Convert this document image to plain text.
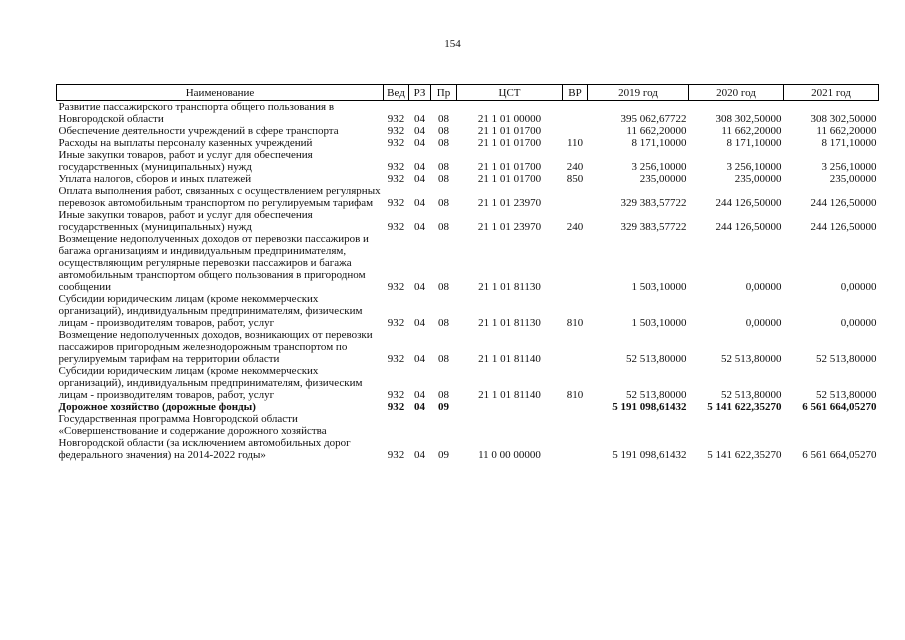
154
Наименование	Вед	РЗ	Пр	ЦСТ	ВР	2019 год	2020 год	2021 год
Развитие пассажирского транспорта общего пользования в Новгородской области	932	04	08	21 1 01 00000		395 062,67722	308 302,50000	308 302,50000
Обеспечение деятельности учреждений в сфере транспорта	932	04	08	21 1 01 01700		11 662,20000	11 662,20000	11 662,20000
Расходы на выплаты персоналу казенных учреждений	932	04	08	21 1 01 01700	110	8 171,10000	8 171,10000	8 171,10000
Иные закупки товаров, работ и услуг для обеспечения государственных (муниципальных) нужд	932	04	08	21 1 01 01700	240	3 256,10000	3 256,10000	3 256,10000
Уплата налогов, сборов и иных платежей	932	04	08	21 1 01 01700	850	235,00000	235,00000	235,00000
Оплата выполнения работ, связанных с осуществлением регулярных перевозок автомобильным транспортом по регулируемым тарифам	932	04	08	21 1 01 23970		329 383,57722	244 126,50000	244 126,50000
Иные закупки товаров, работ и услуг для обеспечения государственных (муниципальных) нужд	932	04	08	21 1 01 23970	240	329 383,57722	244 126,50000	244 126,50000
Возмещение недополученных доходов от перевозки пассажиров и багажа организациям и индивидуальным предпринимателям, осуществляющим регулярные перевозки пассажиров и багажа автомобильным транспортом общего пользования в пригородном сообщении	932	04	08	21 1 01 81130		1 503,10000	0,00000	0,00000
Субсидии юридическим лицам (кроме некоммерческих организаций), индивидуальным предпринимателям, физическим лицам - производителям товаров, работ, услуг	932	04	08	21 1 01 81130	810	1 503,10000	0,00000	0,00000
Возмещение недополученных доходов, возникающих от перевозки пассажиров пригородным железнодорожным транспортом по регулируемым тарифам на территории области	932	04	08	21 1 01 81140		52 513,80000	52 513,80000	52 513,80000
Субсидии юридическим лицам (кроме некоммерческих организаций), индивидуальным предпринимателям, физическим лицам - производителям товаров, работ, услуг	932	04	08	21 1 01 81140	810	52 513,80000	52 513,80000	52 513,80000
Дорожное хозяйство (дорожные фонды)	932	04	09			5 191 098,61432	5 141 622,35270	6 561 664,05270
Государственная программа Новгородской области «Совершенствование и содержание дорожного хозяйства Новгородской области (за исключением автомобильных дорог федерального значения) на 2014-2022 годы»	932	04	09	11 0 00 00000		5 191 098,61432	5 141 622,35270	6 561 664,05270
